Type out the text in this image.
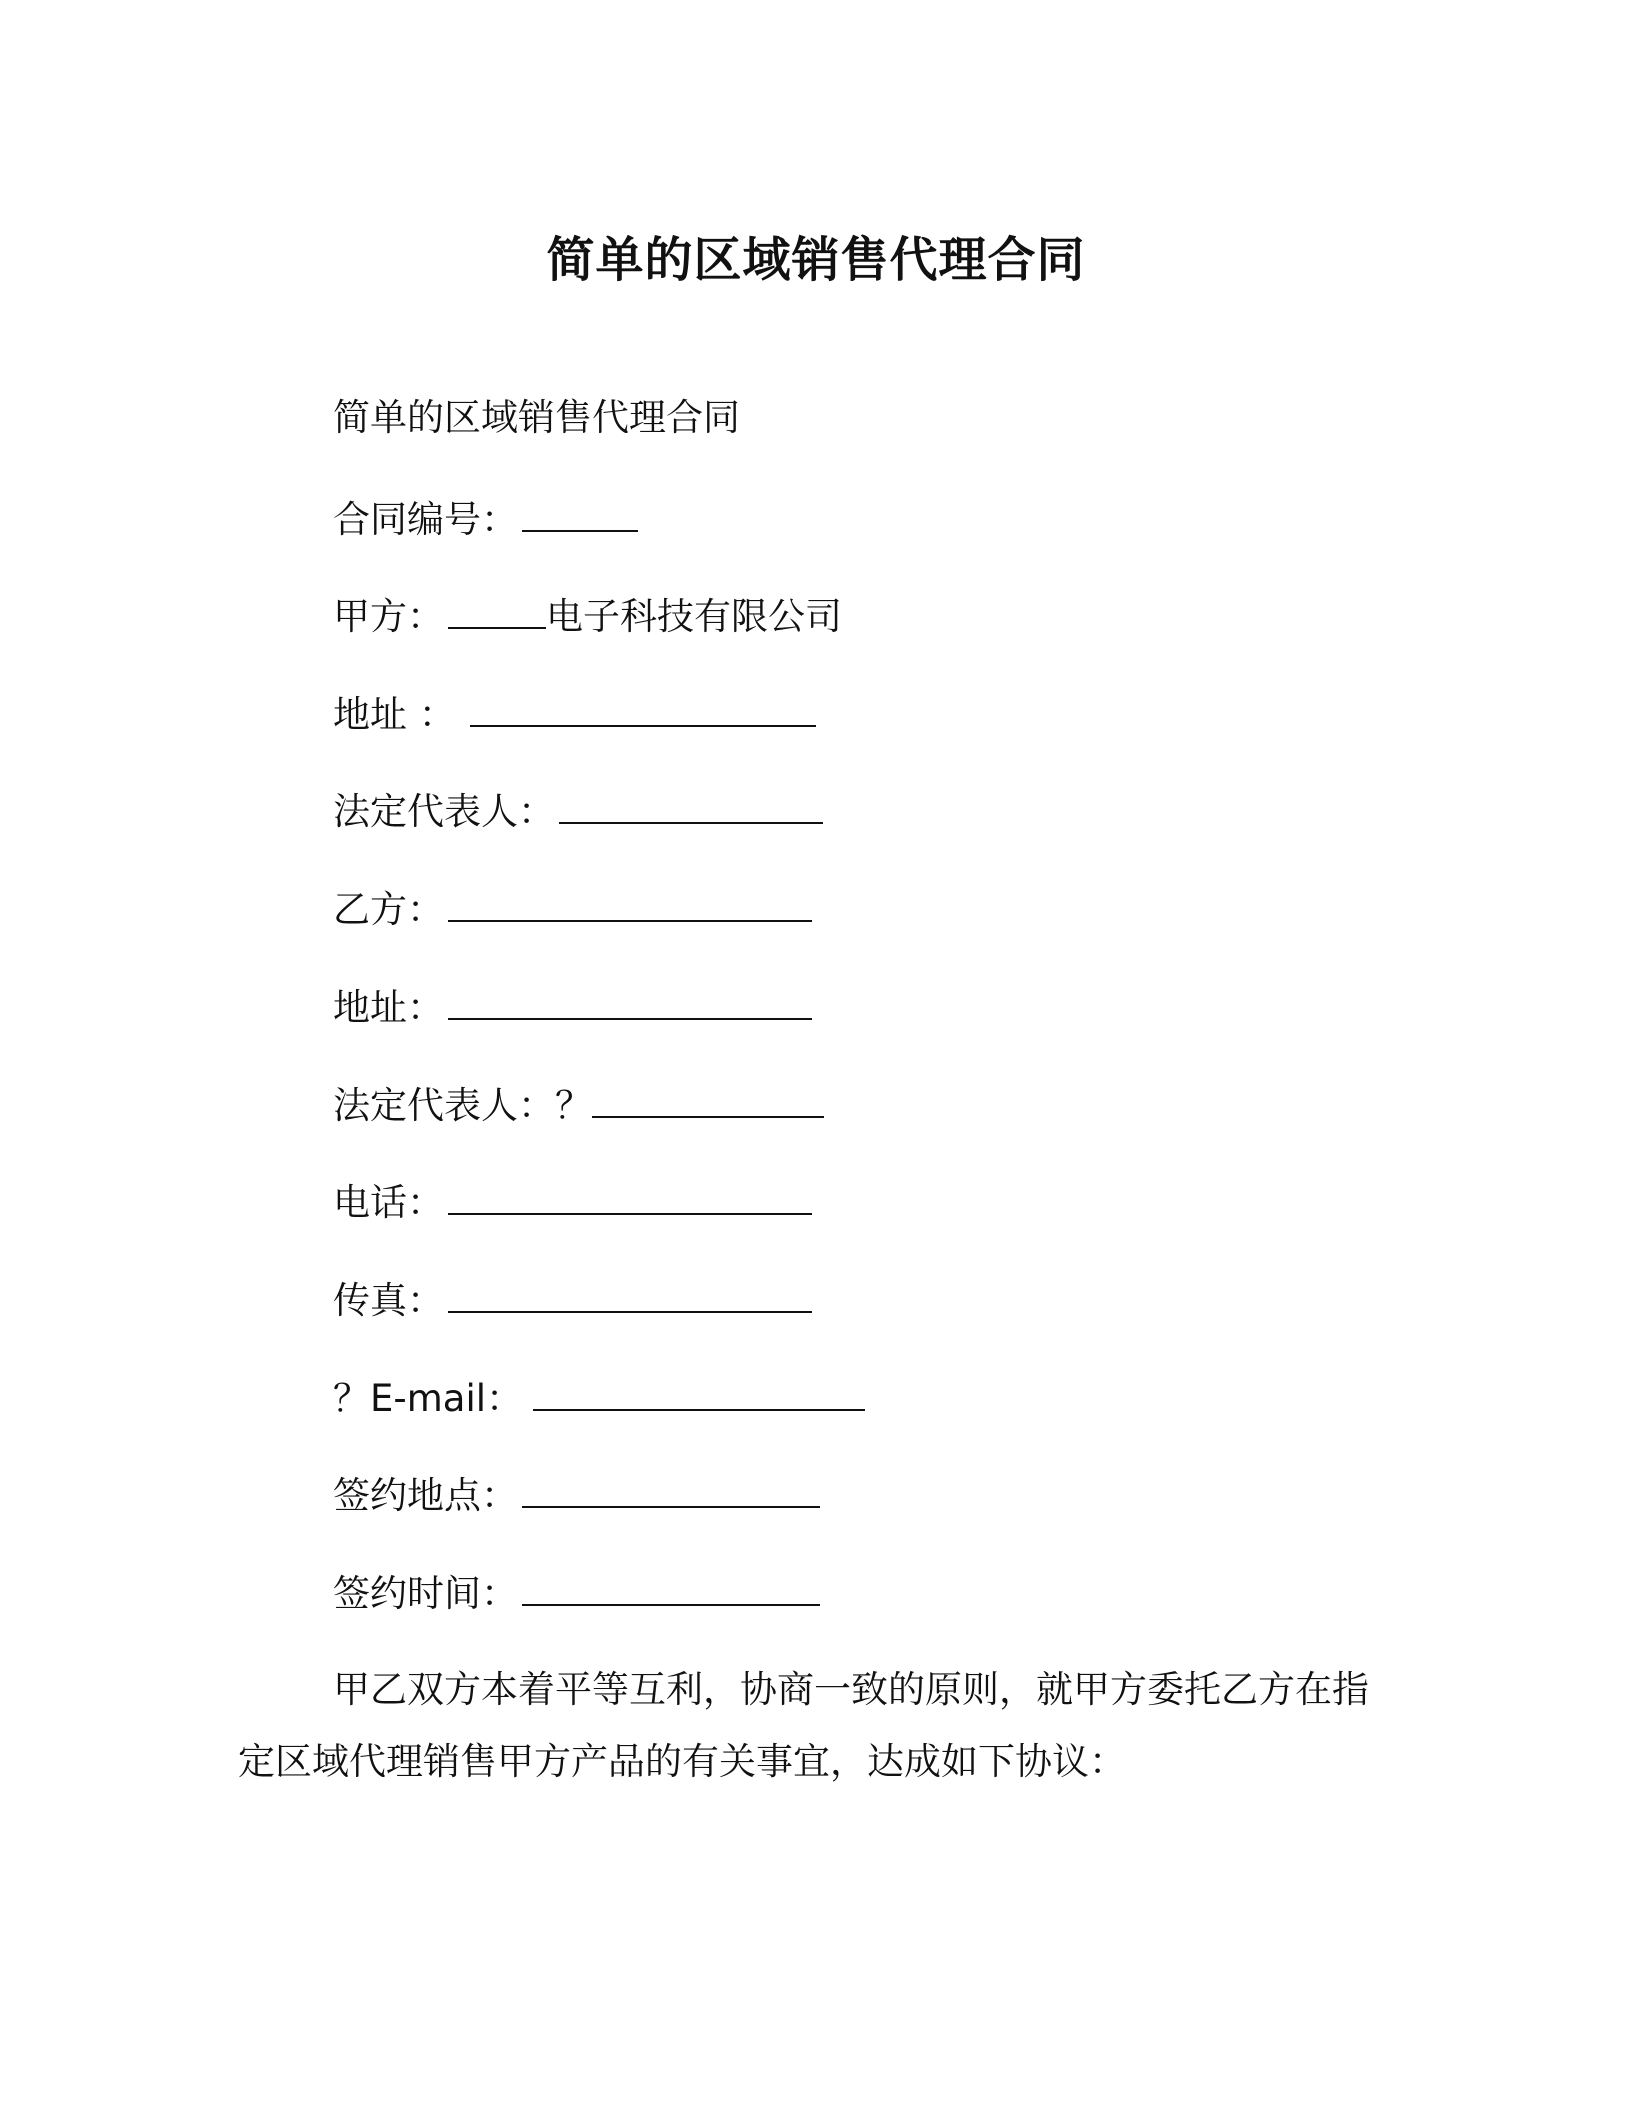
简单的区域销售代理合同
简单的区域销售代理合同
合同编号：
甲方：	电子科技有限公司
地址 ：
法定代表人：
乙方：
地址：
法定代表人：？
电话：
传真：
？E-mail：
签约地点：
签约时间：
甲乙双方本着平等互利，协商一致的原则，就甲方委托乙方在指
定区域代理销售甲方产品的有关事宜，达成如下协议：
